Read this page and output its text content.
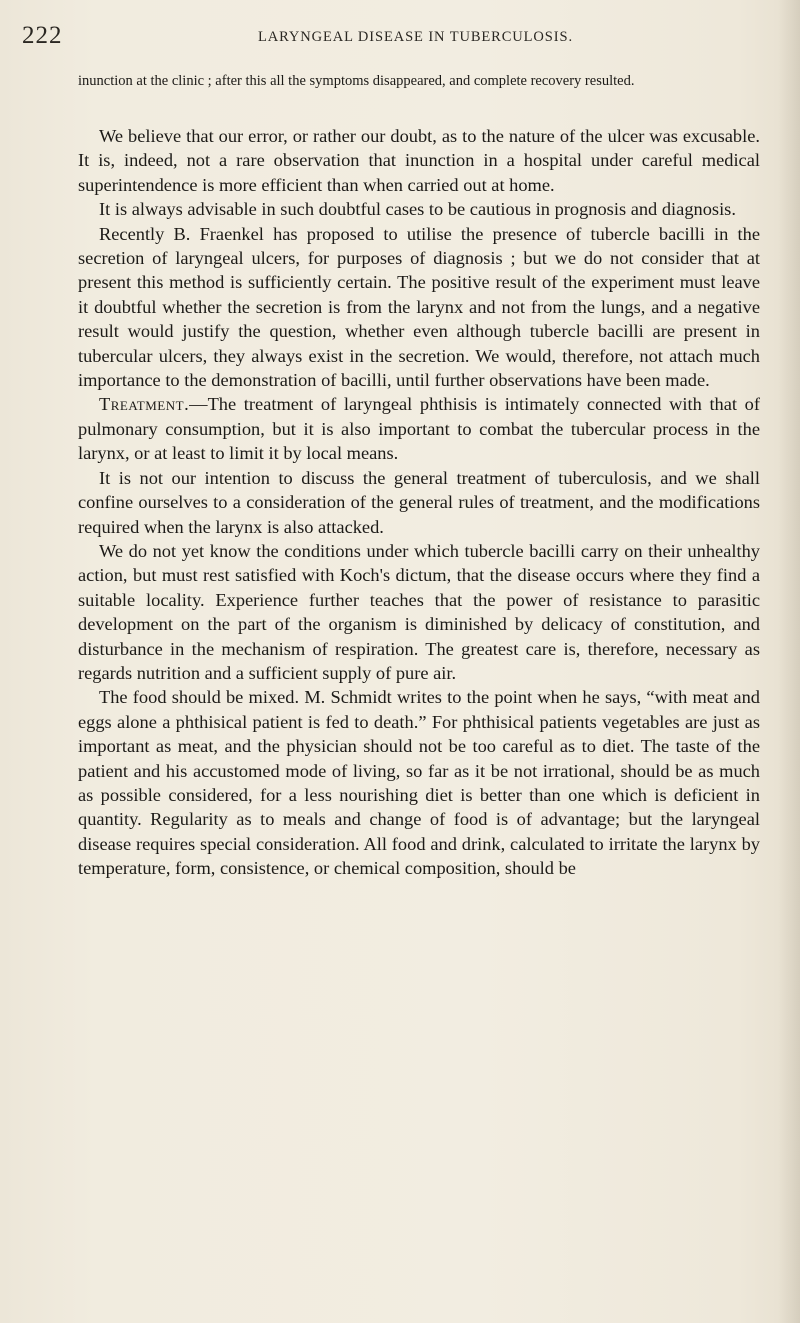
222	LARYNGEAL DISEASE IN TUBERCULOSIS.

inunction at the clinic ; after this all the symptoms disappeared, and complete recovery resulted.

We believe that our error, or rather our doubt, as to the nature of the ulcer was excusable. It is, indeed, not a rare observation that inunction in a hospital under careful medical superintendence is more efficient than when carried out at home.

It is always advisable in such doubtful cases to be cautious in prognosis and diagnosis.

Recently B. Fraenkel has proposed to utilise the presence of tubercle bacilli in the secretion of laryngeal ulcers, for purposes of diagnosis ; but we do not consider that at present this method is sufficiently certain. The positive result of the experiment must leave it doubtful whether the secretion is from the larynx and not from the lungs, and a negative result would justify the question, whether even although tubercle bacilli are present in tubercular ulcers, they always exist in the secretion. We would, therefore, not attach much importance to the demonstration of bacilli, until further observations have been made.

Treatment.—The treatment of laryngeal phthisis is intimately connected with that of pulmonary consumption, but it is also important to combat the tubercular process in the larynx, or at least to limit it by local means.

It is not our intention to discuss the general treatment of tuberculosis, and we shall confine ourselves to a consideration of the general rules of treatment, and the modifications required when the larynx is also attacked.

We do not yet know the conditions under which tubercle bacilli carry on their unhealthy action, but must rest satisfied with Koch's dictum, that the disease occurs where they find a suitable locality. Experience further teaches that the power of resistance to parasitic development on the part of the organism is diminished by delicacy of constitution, and disturbance in the mechanism of respiration. The greatest care is, therefore, necessary as regards nutrition and a sufficient supply of pure air.

The food should be mixed. M. Schmidt writes to the point when he says, “with meat and eggs alone a phthisical patient is fed to death.” For phthisical patients vegetables are just as important as meat, and the physician should not be too careful as to diet. The taste of the patient and his accustomed mode of living, so far as it be not irrational, should be as much as possible considered, for a less nourishing diet is better than one which is deficient in quantity. Regularity as to meals and change of food is of advantage; but the laryngeal disease requires special consideration. All food and drink, calculated to irritate the larynx by temperature, form, consistence, or chemical composition, should be
